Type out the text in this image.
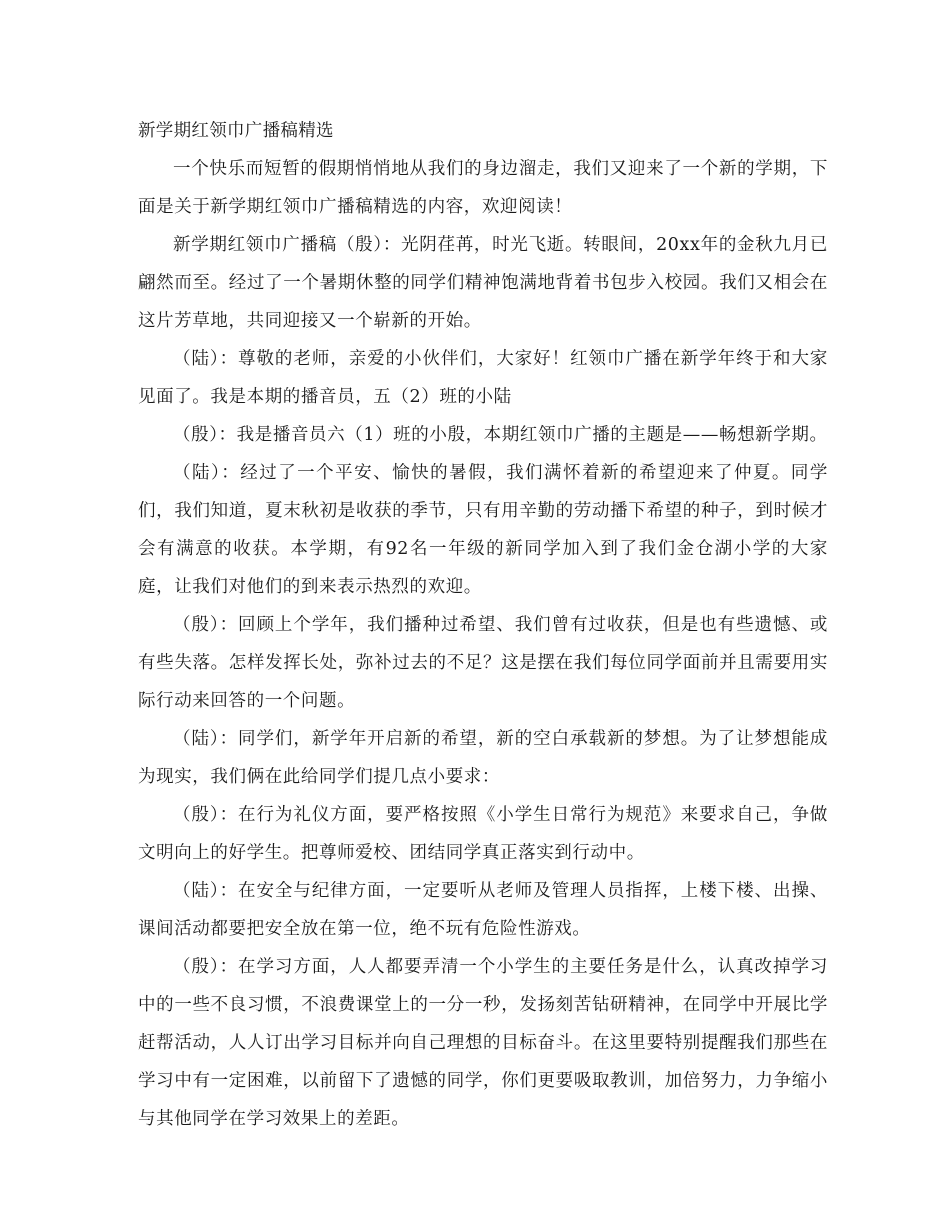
新学期红领巾广播稿精选

一个快乐而短暂的假期悄悄地从我们的身边溜走，我们又迎来了一个新的学期，下面是关于新学期红领巾广播稿精选的内容，欢迎阅读！

新学期红领巾广播稿（殷）：光阴荏苒，时光飞逝。转眼间，20xx年的金秋九月已翩然而至。经过了一个暑期休整的同学们精神饱满地背着书包步入校园。我们又相会在这片芳草地，共同迎接又一个崭新的开始。

（陆）：尊敬的老师，亲爱的小伙伴们，大家好！红领巾广播在新学年终于和大家见面了。我是本期的播音员，五（2）班的小陆

（殷）：我是播音员六（1）班的小殷，本期红领巾广播的主题是——畅想新学期。

（陆）：经过了一个平安、愉快的暑假，我们满怀着新的希望迎来了仲夏。同学们，我们知道，夏末秋初是收获的季节，只有用辛勤的劳动播下希望的种子，到时候才会有满意的收获。本学期，有92名一年级的新同学加入到了我们金仓湖小学的大家庭，让我们对他们的到来表示热烈的欢迎。

（殷）：回顾上个学年，我们播种过希望、我们曾有过收获，但是也有些遗憾、或有些失落。怎样发挥长处，弥补过去的不足？这是摆在我们每位同学面前并且需要用实际行动来回答的一个问题。

（陆）：同学们，新学年开启新的希望，新的空白承载新的梦想。为了让梦想能成为现实，我们俩在此给同学们提几点小要求：

（殷）：在行为礼仪方面，要严格按照《小学生日常行为规范》来要求自己，争做文明向上的好学生。把尊师爱校、团结同学真正落实到行动中。

（陆）：在安全与纪律方面，一定要听从老师及管理人员指挥，上楼下楼、出操、课间活动都要把安全放在第一位，绝不玩有危险性游戏。

（殷）：在学习方面，人人都要弄清一个小学生的主要任务是什么，认真改掉学习中的一些不良习惯，不浪费课堂上的一分一秒，发扬刻苦钻研精神，在同学中开展比学赶帮活动，人人订出学习目标并向自己理想的目标奋斗。在这里要特别提醒我们那些在学习中有一定困难，以前留下了遗憾的同学，你们更要吸取教训，加倍努力，力争缩小与其他同学在学习效果上的差距。
